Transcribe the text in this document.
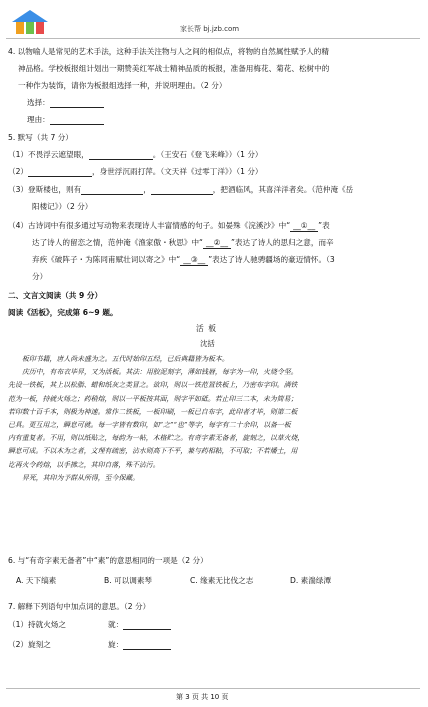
家长帮 bj.jzb.com
4. 以物喻人是常见的艺术手法，这种手法关注物与人之间的相似点，将物的自然属性赋予人的精
神品格。学校板报组计划出一期赞美红军战士精神品质的板报，准备用梅花、菊花、松树中的
一种作为装饰，请你为板报组选择一种，并说明理由。（2 分）
选择：
理由：
5. 默写（共 7 分）
（1）不畏浮云遮望眼，	。（王安石《登飞来峰》）（1 分）
（2）	，身世浮沉雨打萍。（文天祥《过零丁洋》）（1 分）
（3）登斯楼也，则有	，	，把酒临风，其喜洋洋者矣。（范仲淹《岳
阳楼记》）（2 分）
（4）古诗词中有很多通过写动物来表现诗人丰富情感的句子。如晏殊《浣溪沙》中“ __①__ ”表
达了诗人的留恋之情，范仲淹《渔家傲・秋思》中“ __②__ ”表达了诗人的思归之意，而辛
弃疾《破阵子・为陈同甫赋壮词以寄之》中“ __③__ ”表达了诗人驰骋疆场的豪迈情怀。（3
分）
二、文言文阅读（共 9 分）
阅读《活板》，完成第 6~9 题。
活 板
沈括
板印书籍，唐人尚未盛为之。五代时始印五经，已后典籍皆为板本。
庆历中，有布衣毕昇，又为活板。其法：用胶泥刻字，薄如钱唇，每字为一印，火烧令坚。
先设一铁板，其上以松脂、蜡和纸灰之类冒之。欲印，则以一铁范置铁板上，乃密布字印。满铁
范为一板，持就火炀之；药稍熔，则以一平板按其面，则字平如砥。若止印三二本，未为简易；
若印数十百千本，则极为神速。常作二铁板，一板印刷，一板已自布字，此印者才毕，则第二板
已具。更互用之，瞬息可就。每一字皆有数印，如“之”“也”等字，每字有二十余印，以备一板
内有重复者。不用，则以纸贴之，每韵为一帖，木格贮之。有奇字素无备者，旋刻之，以草火烧，
瞬息可成。不以木为之者，文理有疏密，沾水则高下不平，兼与药相粘，不可取；不若燔土，用
讫再火令药熔，以手拂之，其印自落，殊不沾污。
昇死，其印为予群从所得，至今保藏。
6. 与“有奇字素无备者”中“素”的意思相同的一项是（2 分）
A. 天下缟素	B. 可以调素琴	C. 缘素无比伐之志	D. 素湍绿潭
7. 解释下列语句中加点词的意思。（2 分）
（1）持就火炀之	就：
（2）旋刻之	旋：
第 3 页 共 10 页
